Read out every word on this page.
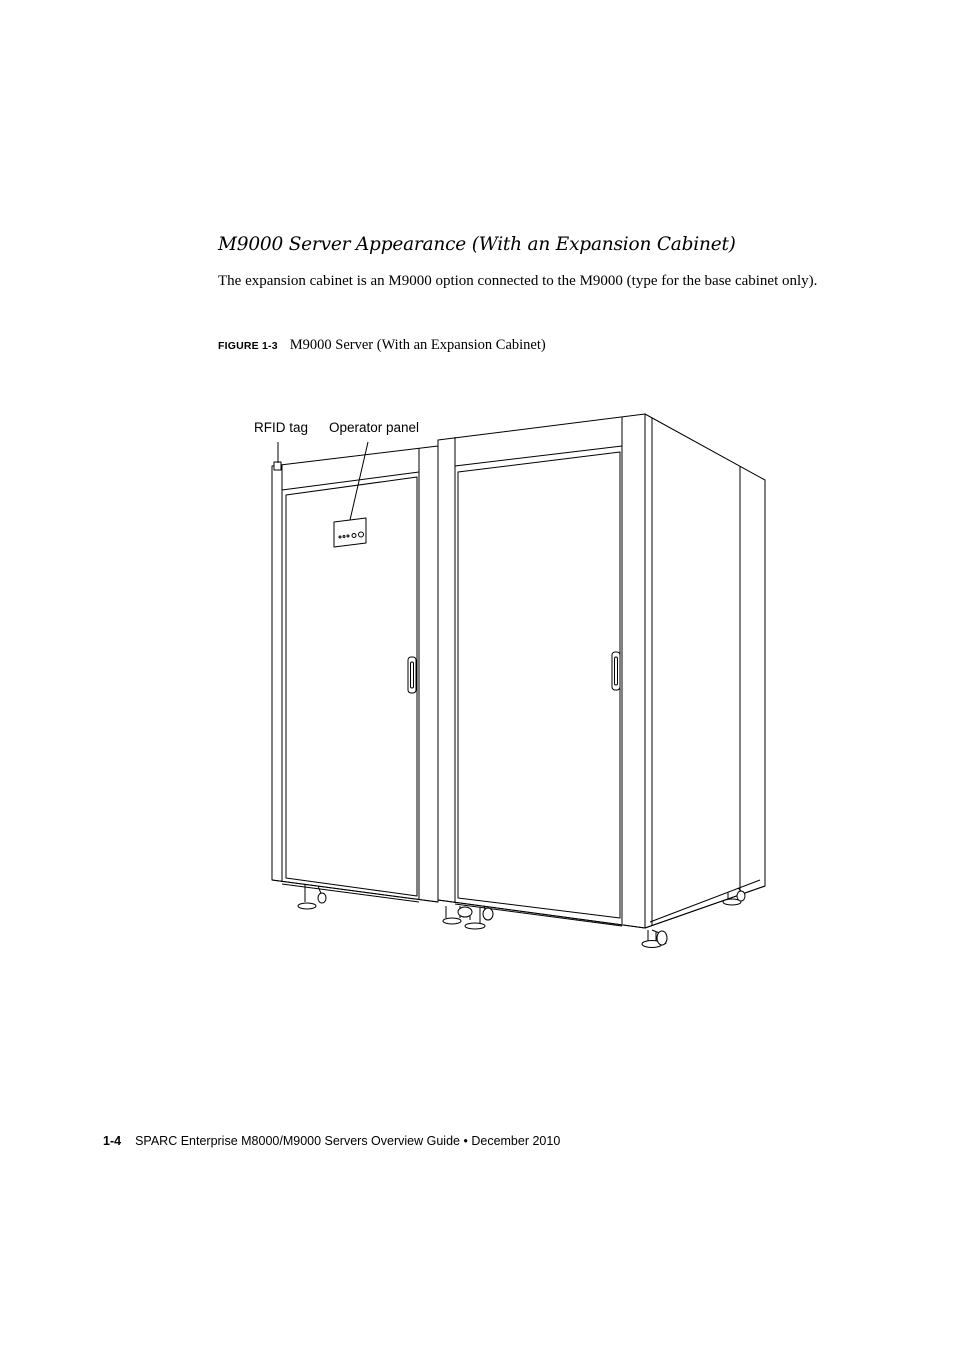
M9000 Server Appearance (With an Expansion Cabinet)

The expansion cabinet is an M9000 option connected to the M9000 (type for the base cabinet only).

FIGURE 1-3 M9000 Server (With an Expansion Cabinet)

RFID tag Operator panel
1-4 SPARC Enterprise M8000/M9000 Servers Overview Guide • December 2010
